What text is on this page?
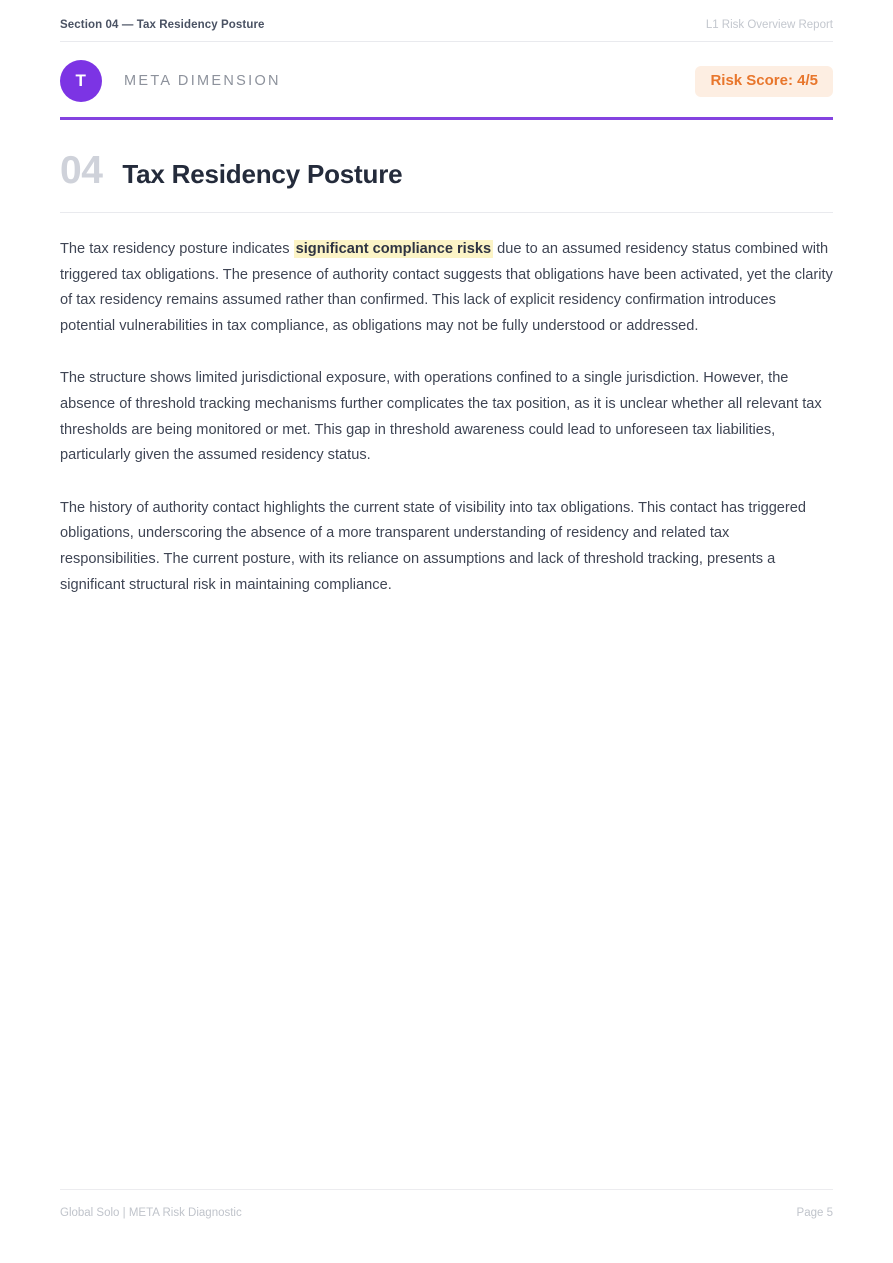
Section 04 — Tax Residency Posture	L1 Risk Overview Report
T	META DIMENSION	Risk Score: 4/5
04 Tax Residency Posture

The tax residency posture indicates significant compliance risks due to an assumed residency status combined with triggered tax obligations. The presence of authority contact suggests that obligations have been activated, yet the clarity of tax residency remains assumed rather than confirmed. This lack of explicit residency confirmation introduces potential vulnerabilities in tax compliance, as obligations may not be fully understood or addressed.

The structure shows limited jurisdictional exposure, with operations confined to a single jurisdiction. However, the absence of threshold tracking mechanisms further complicates the tax position, as it is unclear whether all relevant tax thresholds are being monitored or met. This gap in threshold awareness could lead to unforeseen tax liabilities, particularly given the assumed residency status.

The history of authority contact highlights the current state of visibility into tax obligations. This contact has triggered obligations, underscoring the absence of a more transparent understanding of residency and related tax responsibilities. The current posture, with its reliance on assumptions and lack of threshold tracking, presents a significant structural risk in maintaining compliance.

Global Solo | META Risk Diagnostic	Page 5
